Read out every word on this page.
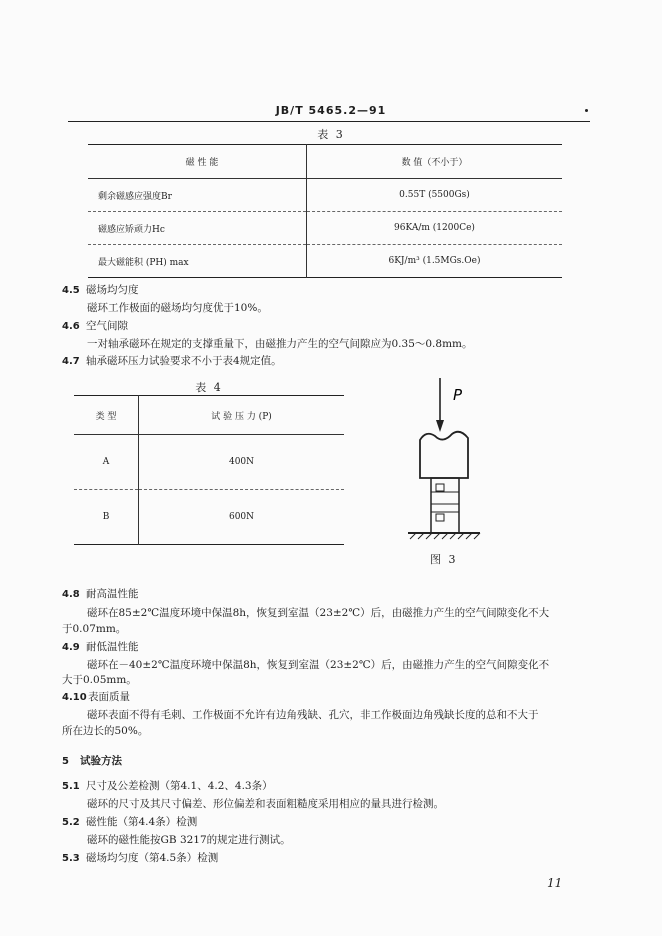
JB/T 5465.2—91
表 3
磁 性 能	数 值（不小于）
剩余磁感应强度Br	0.55T (5500Gs)
磁感应矫顽力Hc	96KA/m (1200Ce)
最大磁能积 (PH) max	6KJ/m³ (1.5MGs.Oe)
4.5 磁场均匀度
磁环工作极面的磁场均匀度优于10%。
4.6 空气间隙
一对轴承磁环在规定的支撑重量下，由磁推力产生的空气间隙应为0.35～0.8mm。
4.7 轴承磁环压力试验要求不小于表4规定值。
表 4
类 型	试 验 压 力 (P)
A	400N
B	600N
P
图 3
4.8 耐高温性能
磁环在85±2℃温度环境中保温8h，恢复到室温（23±2℃）后，由磁推力产生的空气间隙变化不大
于0.07mm。
4.9 耐低温性能
磁环在－40±2℃温度环境中保温8h，恢复到室温（23±2℃）后，由磁推力产生的空气间隙变化不
大于0.05mm。
4.10表面质量
磁环表面不得有毛刺、工作极面不允许有边角残缺、孔穴，非工作极面边角残缺长度的总和不大于
所在边长的50%。
5 试验方法
5.1 尺寸及公差检测（第4.1、4.2、4.3条）
磁环的尺寸及其尺寸偏差、形位偏差和表面粗糙度采用相应的量具进行检测。
5.2 磁性能（第4.4条）检测
磁环的磁性能按GB 3217的规定进行测试。
5.3 磁场均匀度（第4.5条）检测
11
